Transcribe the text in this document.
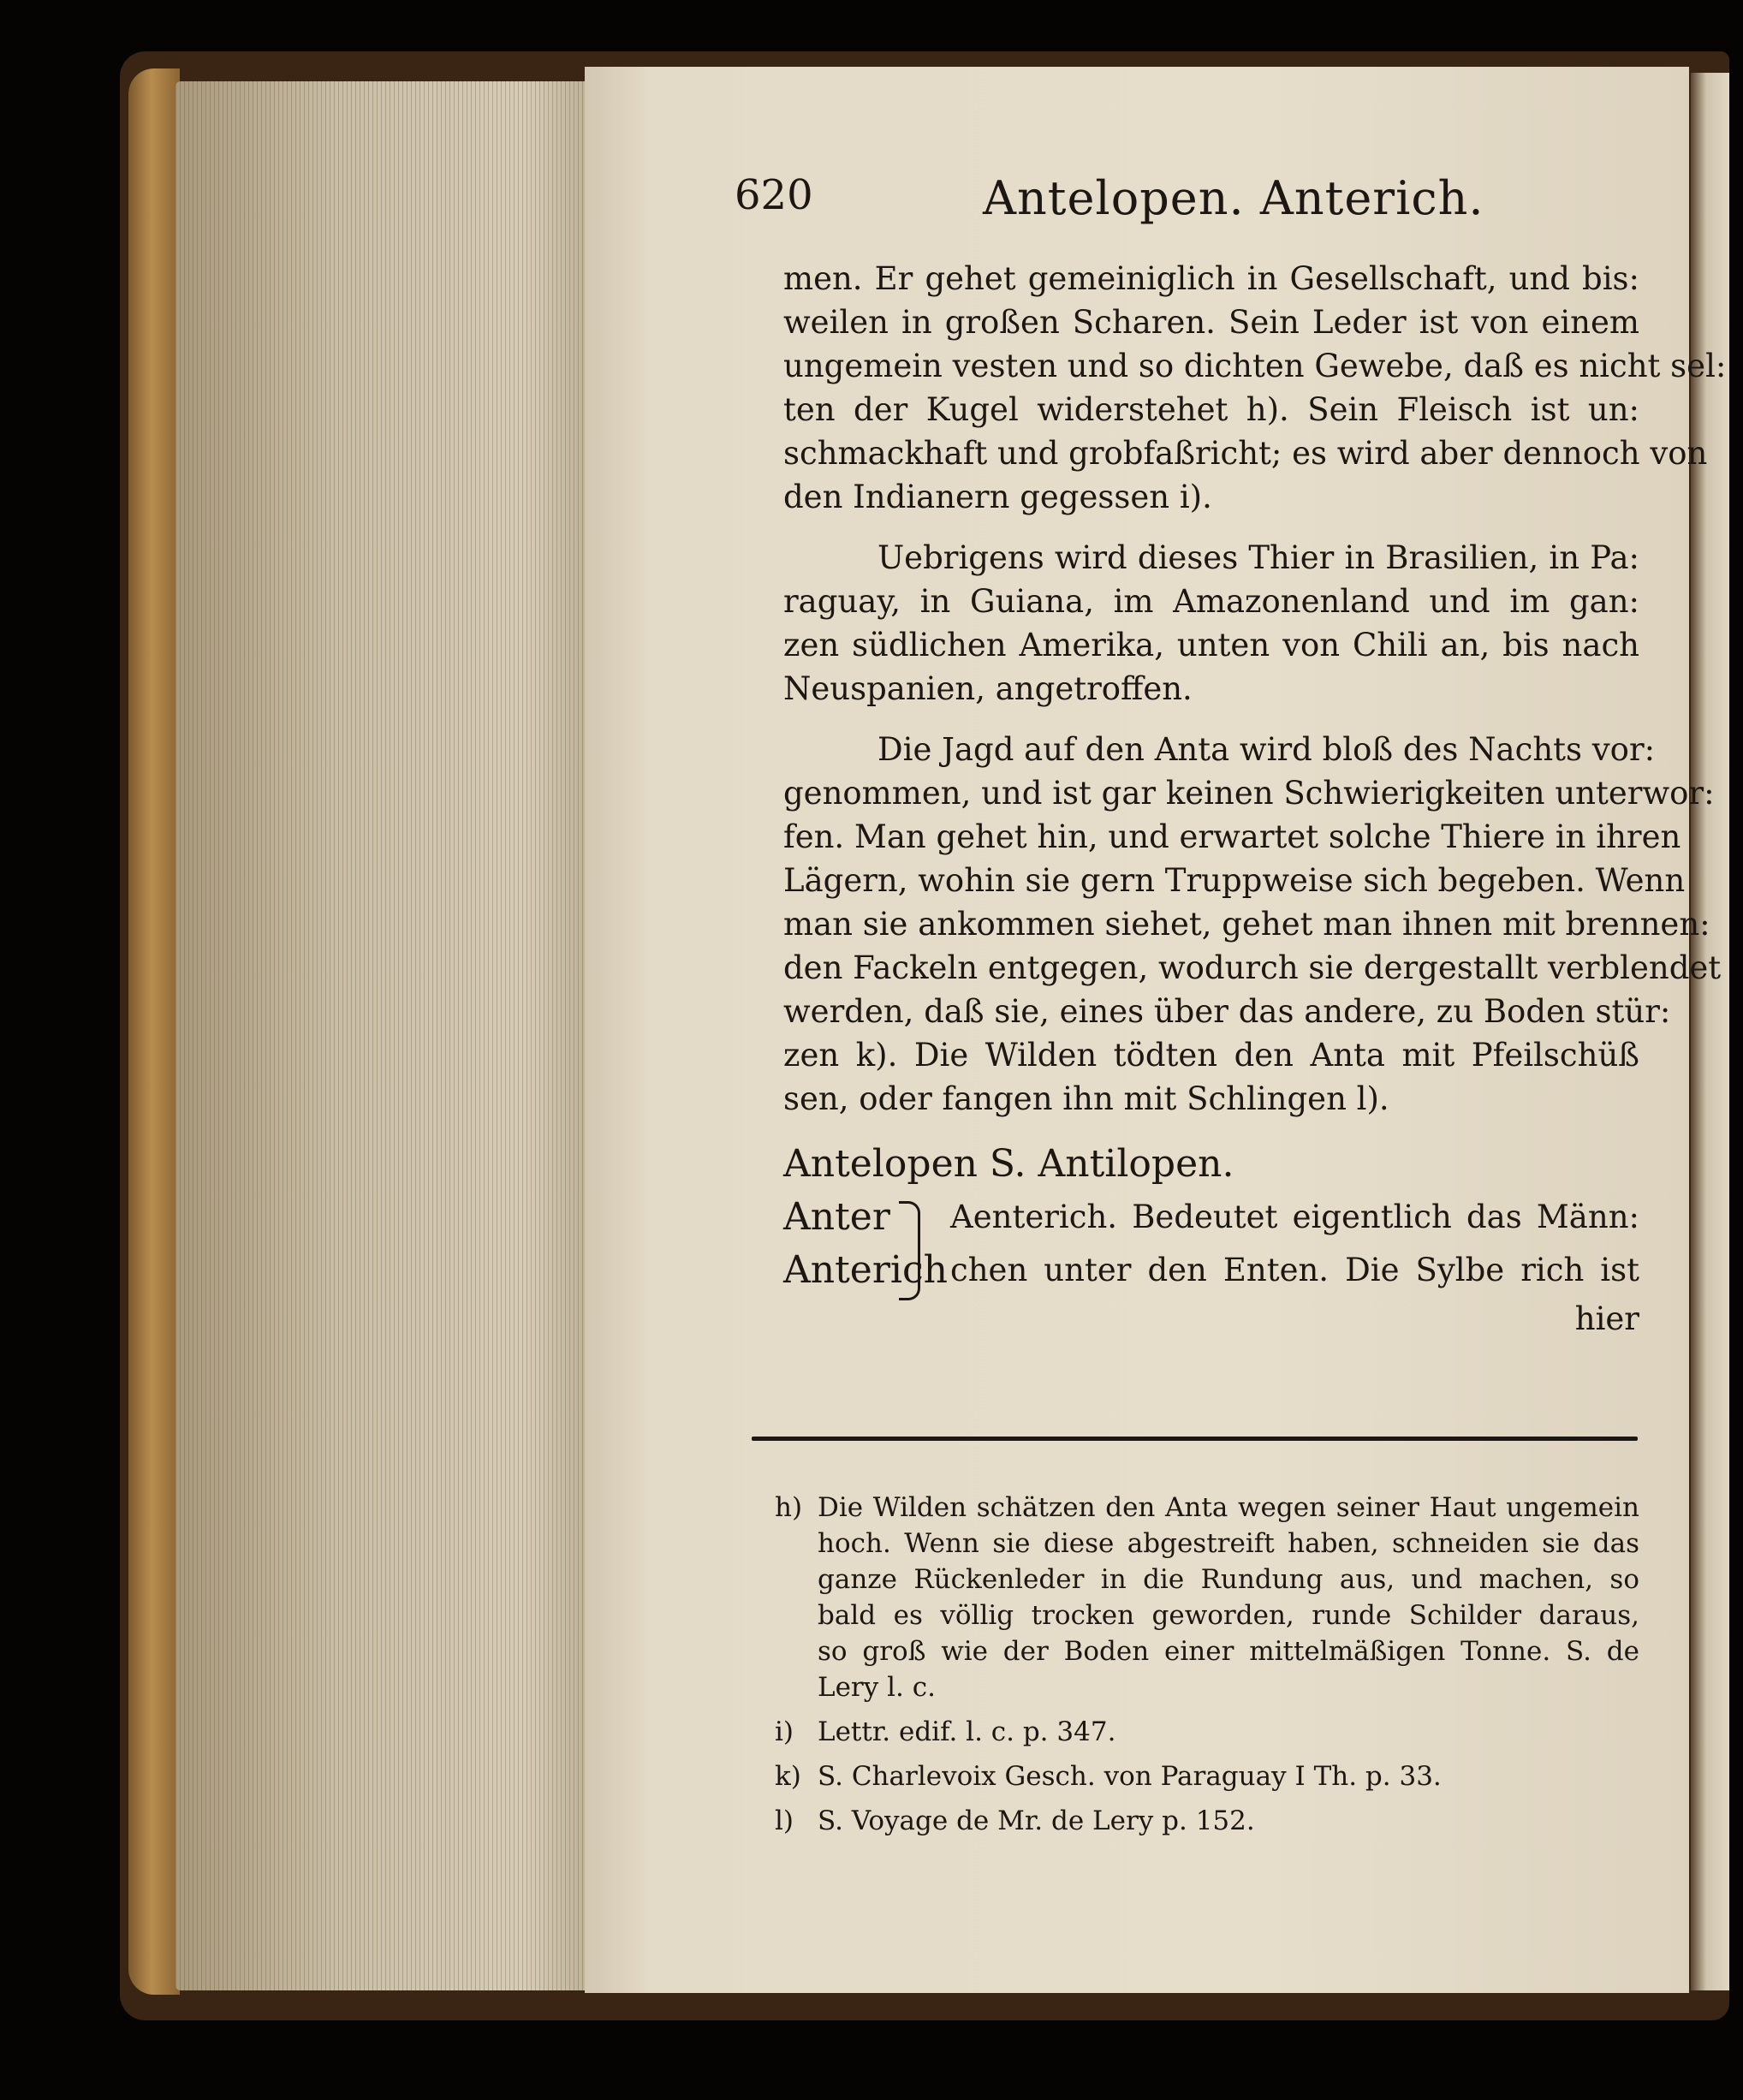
620	Antelopen. Anterich.
men. Er gehet gemeiniglich in Gesellschaft, und bis:
weilen in großen Scharen. Sein Leder ist von einem
ungemein vesten und so dichten Gewebe, daß es nicht sel:
ten der Kugel widerstehet h). Sein Fleisch ist un:
schmackhaft und grobfaßricht; es wird aber dennoch von
den Indianern gegessen i).
Uebrigens wird dieses Thier in Brasilien, in Pa:
raguay, in Guiana, im Amazonenland und im gan:
zen südlichen Amerika, unten von Chili an, bis nach
Neuspanien, angetroffen.
Die Jagd auf den Anta wird bloß des Nachts vor:
genommen, und ist gar keinen Schwierigkeiten unterwor:
fen. Man gehet hin, und erwartet solche Thiere in ihren
Lägern, wohin sie gern Truppweise sich begeben. Wenn
man sie ankommen siehet, gehet man ihnen mit brennen:
den Fackeln entgegen, wodurch sie dergestallt verblendet
werden, daß sie, eines über das andere, zu Boden stür:
zen k). Die Wilden tödten den Anta mit Pfeilschüß
sen, oder fangen ihn mit Schlingen l).
Antelopen S. Antilopen.
Anter
Anterich
Aenterich. Bedeutet eigentlich das Männ:
chen unter den Enten. Die Sylbe rich ist
hier
h) Die Wilden schätzen den Anta wegen seiner Haut ungemein
hoch. Wenn sie diese abgestreift haben, schneiden sie das
ganze Rückenleder in die Rundung aus, und machen, so
bald es völlig trocken geworden, runde Schilder daraus,
so groß wie der Boden einer mittelmäßigen Tonne. S. de
Lery l. c.
i) Lettr. edif. l. c. p. 347.
k) S. Charlevoix Gesch. von Paraguay I Th. p. 33.
l) S. Voyage de Mr. de Lery p. 152.
